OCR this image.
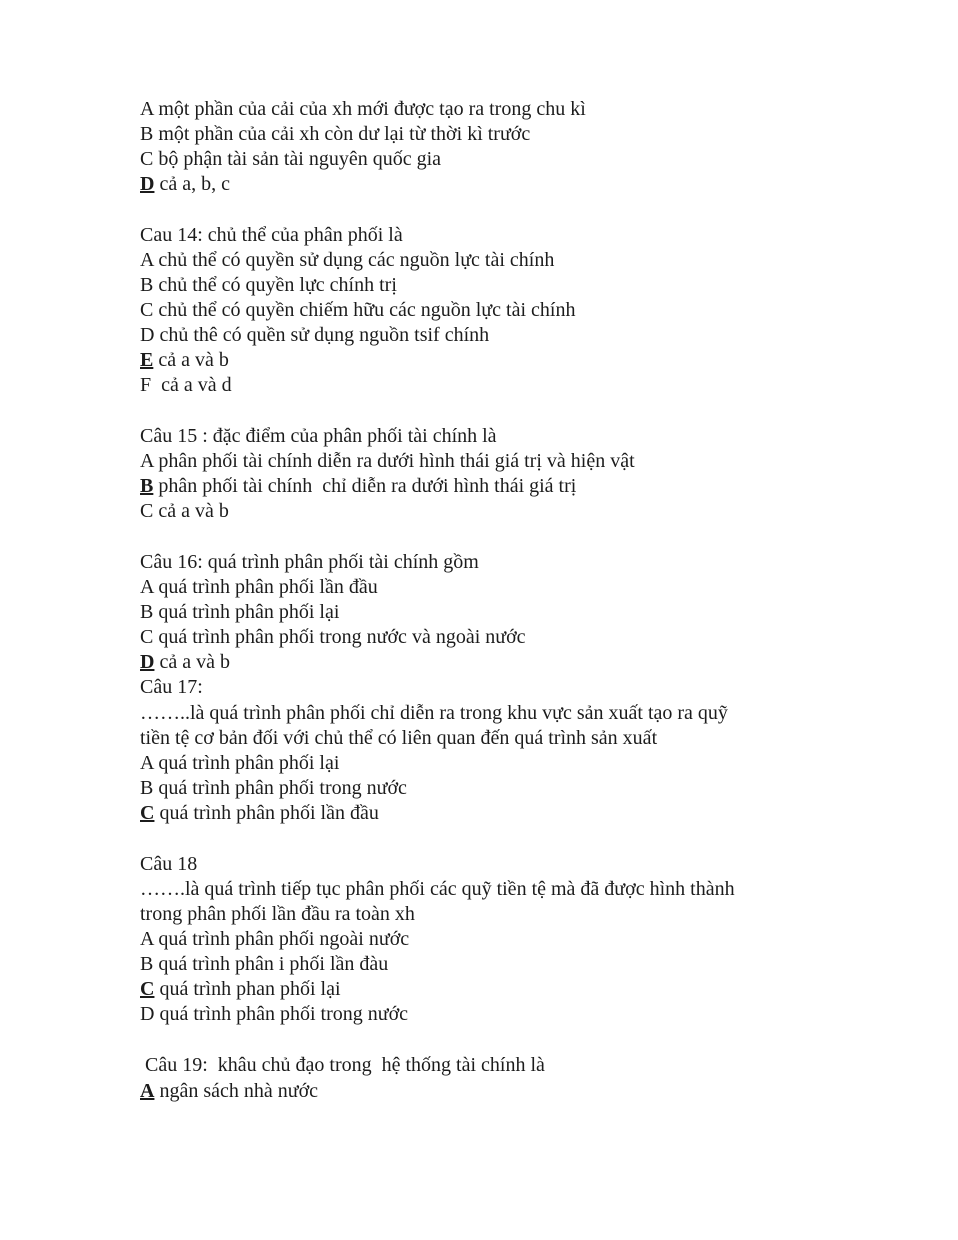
A một phần của cải của xh mới được tạo ra trong chu kì
B một phần của cải xh còn dư lại từ thời kì trước
C bộ phận tài sản tài nguyên quốc gia
D cả a, b, c
Cau 14: chủ thể của phân phối là
A chủ thể có quyền sử dụng các nguồn lực tài chính
B chủ thể có quyền lực chính trị
C chủ thể có quyền chiếm hữu các nguồn lực tài chính
D chủ thê có quền sử dụng nguồn tsif chính
E cả a và b
F  cả a và d
Câu 15 : đặc điểm của phân phối tài chính là
A phân phối tài chính diễn ra dưới hình thái giá trị và hiện vật
B phân phối tài chính  chỉ diễn ra dưới hình thái giá trị
C cả a và b
Câu 16: quá trình phân phối tài chính gồm
A quá trình phân phối lần đầu
B quá trình phân phối lại
C quá trình phân phối trong nước và ngoài nước
D cả a và b
Câu 17:
……..là quá trình phân phối chỉ diễn ra trong khu vực sản xuất tạo ra quỹ
tiền tệ cơ bản đối với chủ thể có liên quan đến quá trình sản xuất
A quá trình phân phối lại
B quá trình phân phối trong nước
C quá trình phân phối lần đầu
Câu 18
…….là quá trình tiếp tục phân phối các quỹ tiền tệ mà đã được hình thành
trong phân phối lần đầu ra toàn xh
A quá trình phân phối ngoài nước
B quá trình phân i phối lần đàu
C quá trình phan phối lại
D quá trình phân phối trong nước
Câu 19:  khâu chủ đạo trong  hệ thống tài chính là
A ngân sách nhà nước
